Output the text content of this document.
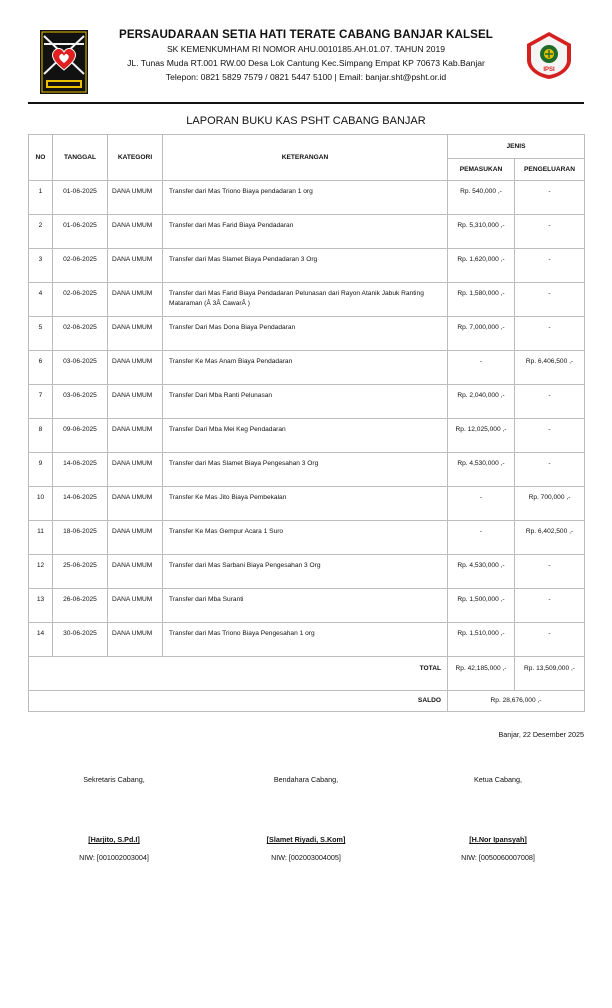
PERSAUDARAAN SETIA HATI TERATE CABANG BANJAR KALSEL
SK KEMENKUMHAM RI NOMOR AHU.0010185.AH.01.07. TAHUN 2019
JL. Tunas Muda RT.001 RW.00 Desa Lok Cantung Kec.Simpang Empat KP 70673 Kab.Banjar
Telepon: 0821 5829 7579 / 0821 5447 5100 | Email: banjar.sht@psht.or.id
IPSI
LAPORAN BUKU KAS PSHT CABANG BANJAR
NO	TANGGAL	KATEGORI	KETERANGAN	JENIS	
				PEMASUKAN	PENGELUARAN
1	01-06-2025	DANA UMUM	Transfer dari Mas Triono Biaya pendadaran 1 org	Rp. 540,000 ,-	-
2	01-06-2025	DANA UMUM	Transfer dari Mas Farid Biaya Pendadaran	Rp. 5,310,000 ,-	-
3	02-06-2025	DANA UMUM	Transfer dari Mas Slamet Biaya Pendadaran 3 Org	Rp. 1,620,000 ,-	-
4	02-06-2025	DANA UMUM	Transfer dari Mas Farid Biaya Pendadaran Pelunasan dari Rayon Atanik Jabuk Ranting Mataraman (Â 3Â CawarÂ )	Rp. 1,580,000 ,-	-
5	02-06-2025	DANA UMUM	Transfer Dari Mas Dona Biaya Pendadaran	Rp. 7,000,000 ,-	-
6	03-06-2025	DANA UMUM	Transfer Ke Mas Anam Biaya Pendadaran	-	Rp. 6,406,500 ,-
7	03-06-2025	DANA UMUM	Transfer Dari Mba Ranti Pelunasan	Rp. 2,040,000 ,-	-
8	09-06-2025	DANA UMUM	Transfer Dari Mba Mei Keg Pendadaran	Rp. 12,025,000 ,-	-
9	14-06-2025	DANA UMUM	Transfer dari Mas Slamet Biaya Pengesahan 3 Org	Rp. 4,530,000 ,-	-
10	14-06-2025	DANA UMUM	Transfer Ke Mas Jito Biaya Pembekalan	-	Rp. 700,000 ,-
11	18-06-2025	DANA UMUM	Transfer Ke Mas Gempur Acara 1 Suro	-	Rp. 6,402,500 ,-
12	25-06-2025	DANA UMUM	Transfer dari Mas Sarbani Biaya Pengesahan 3 Org	Rp. 4,530,000 ,-	-
13	26-06-2025	DANA UMUM	Transfer dari Mba Suranti	Rp. 1,500,000 ,-	-
14	30-06-2025	DANA UMUM	Transfer dari Mas Triono Biaya Pengesahan 1 org	Rp. 1,510,000 ,-	-
TOTAL				Rp. 42,185,000 ,-	Rp. 13,509,000 ,-
SALDO				Rp. 28,676,000 ,-	
Banjar, 22 Desember 2025
Sekretaris Cabang,
[Harjito, S.Pd.I]
NIW: [001002003004]
Bendahara Cabang,
[Slamet Riyadi, S.Kom]
NIW: [002003004005]
Ketua Cabang,
[H.Nor Ipansyah]
NIW: [0050060007008]
